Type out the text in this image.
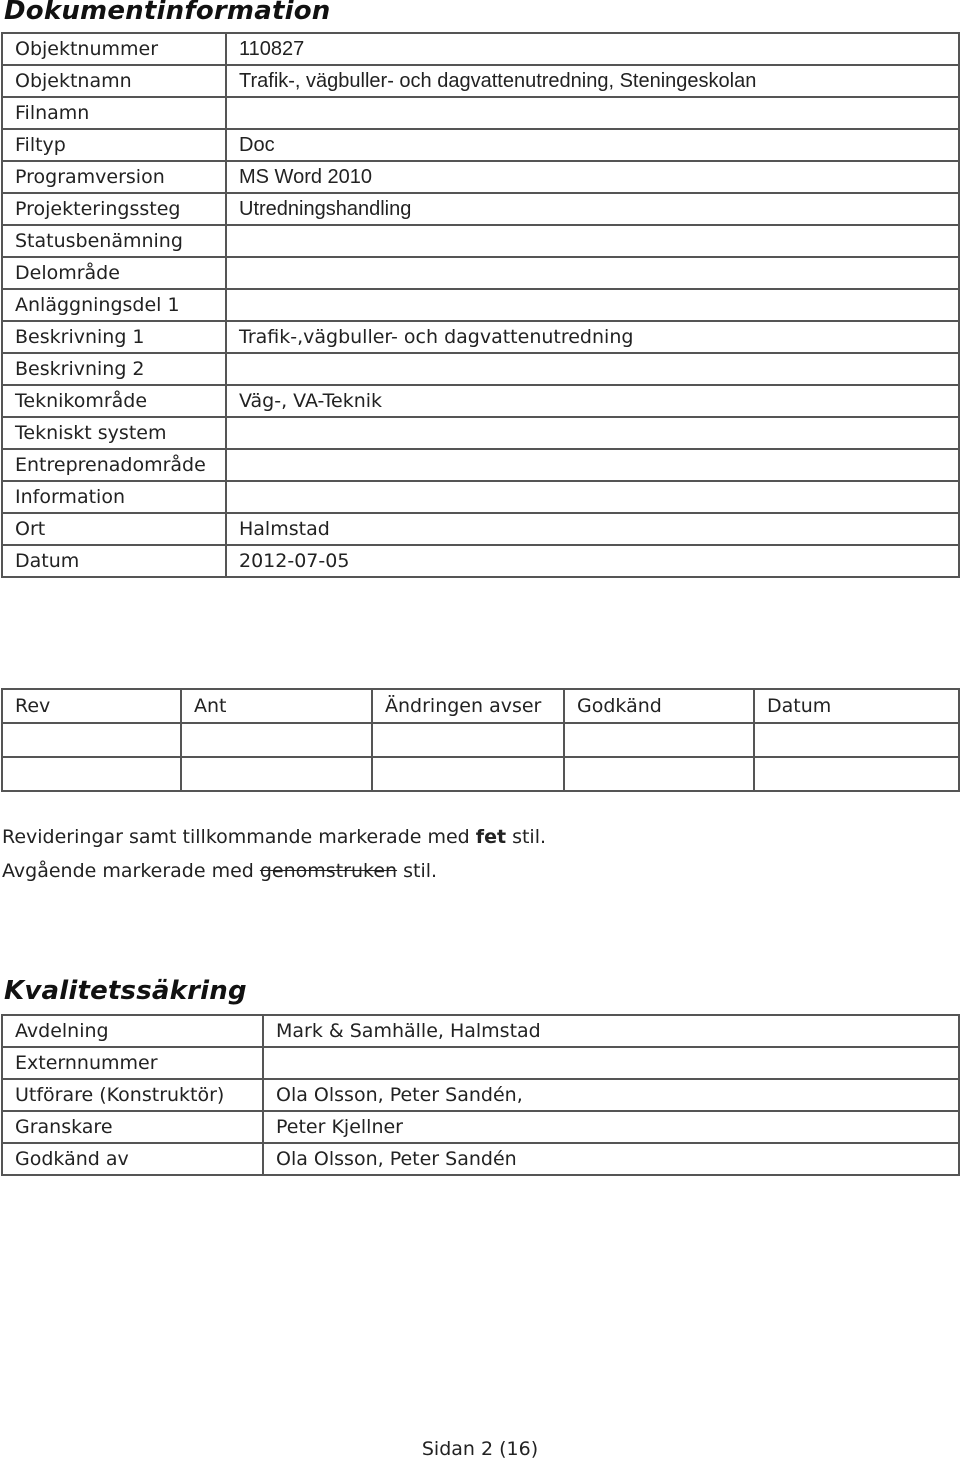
Dokumentinformation
Objektnummer	110827
Objektnamn	Trafik-, vägbuller- och dagvattenutredning, Steningeskolan
Filnamn	
Filtyp	Doc
Programversion	MS Word 2010
Projekteringssteg	Utredningshandling
Statusbenämning	
Delområde	
Anläggningsdel 1	
Beskrivning 1	Trafik-,vägbuller- och dagvattenutredning
Beskrivning 2	
Teknikområde	Väg-, VA-Teknik
Tekniskt system	
Entreprenadområde	
Information	
Ort	Halmstad
Datum	2012-07-05
Rev	Ant	Ändringen avser	Godkänd	Datum

Revideringar samt tillkommande markerade med fet stil.

Avgående markerade med genomstruken stil.

Kvalitetssäkring
Avdelning	Mark & Samhälle, Halmstad
Externnummer	
Utförare (Konstruktör)	Ola Olsson, Peter Sandén,
Granskare	Peter Kjellner
Godkänd av	Ola Olsson, Peter Sandén
Sidan 2 (16)
